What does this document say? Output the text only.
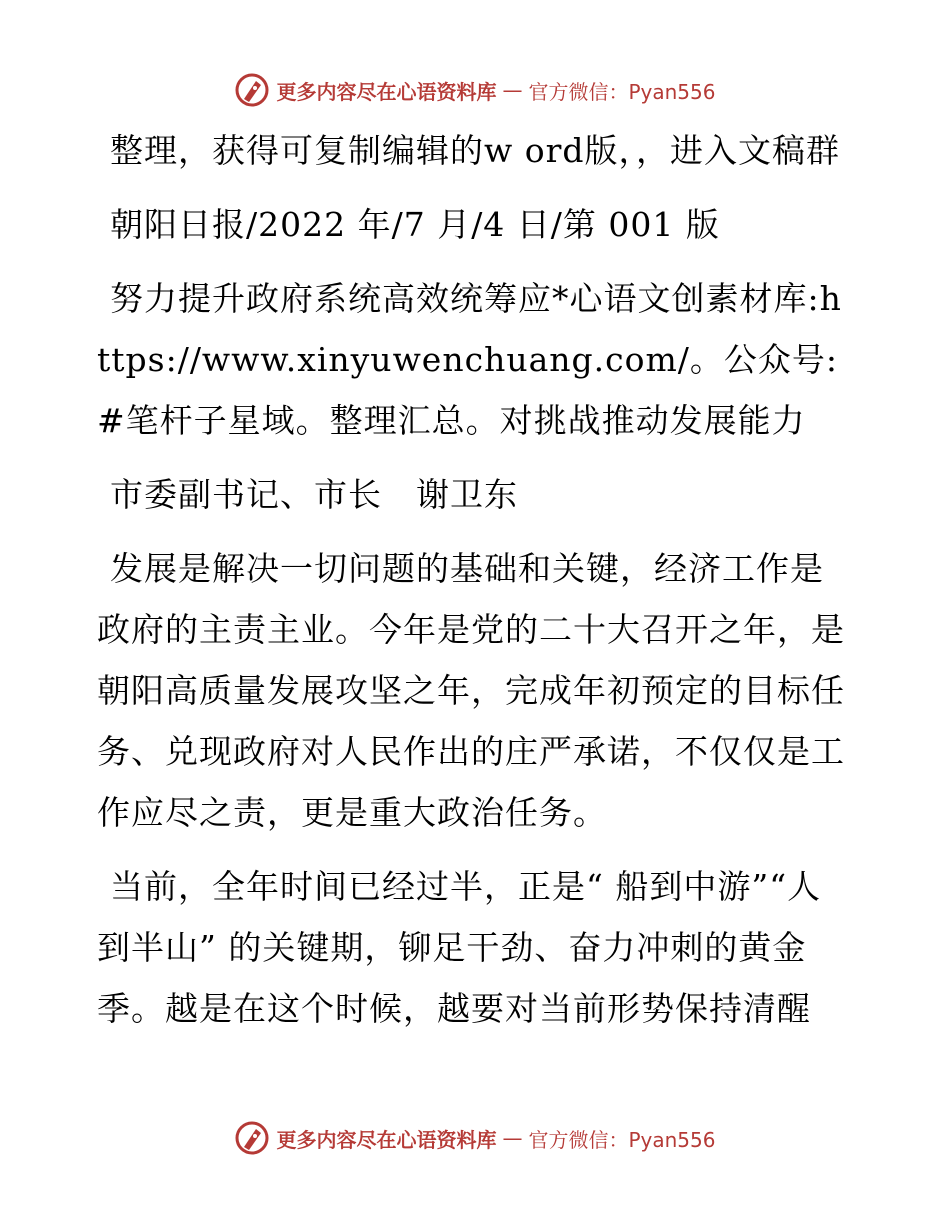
更多内容尽在心语资料库 — 官方微信：Pyan556

整理，获得可复制编辑的w ord版，，进入文稿群

朝阳日报/2022 年/7 月/4 日/第 001 版

努力提升政府系统高效统筹应*心语文创素材库:https://www.xinyuwenchuang.com/。公众号: #笔杆子星域。整理汇总。对挑战推动发展能力

市委副书记、市长　谢卫东

发展是解决一切问题的基础和关键，经济工作是政府的主责主业。今年是党的二十大召开之年，是朝阳高质量发展攻坚之年，完成年初预定的目标任务、兑现政府对人民作出的庄严承诺，不仅仅是工作应尽之责，更是重大政治任务。

当前，全年时间已经过半，正是“ 船到中游”“人到半山” 的关键期，铆足干劲、奋力冲刺的黄金季。越是在这个时候，越要对当前形势保持清醒

更多内容尽在心语资料库 — 官方微信：Pyan556
